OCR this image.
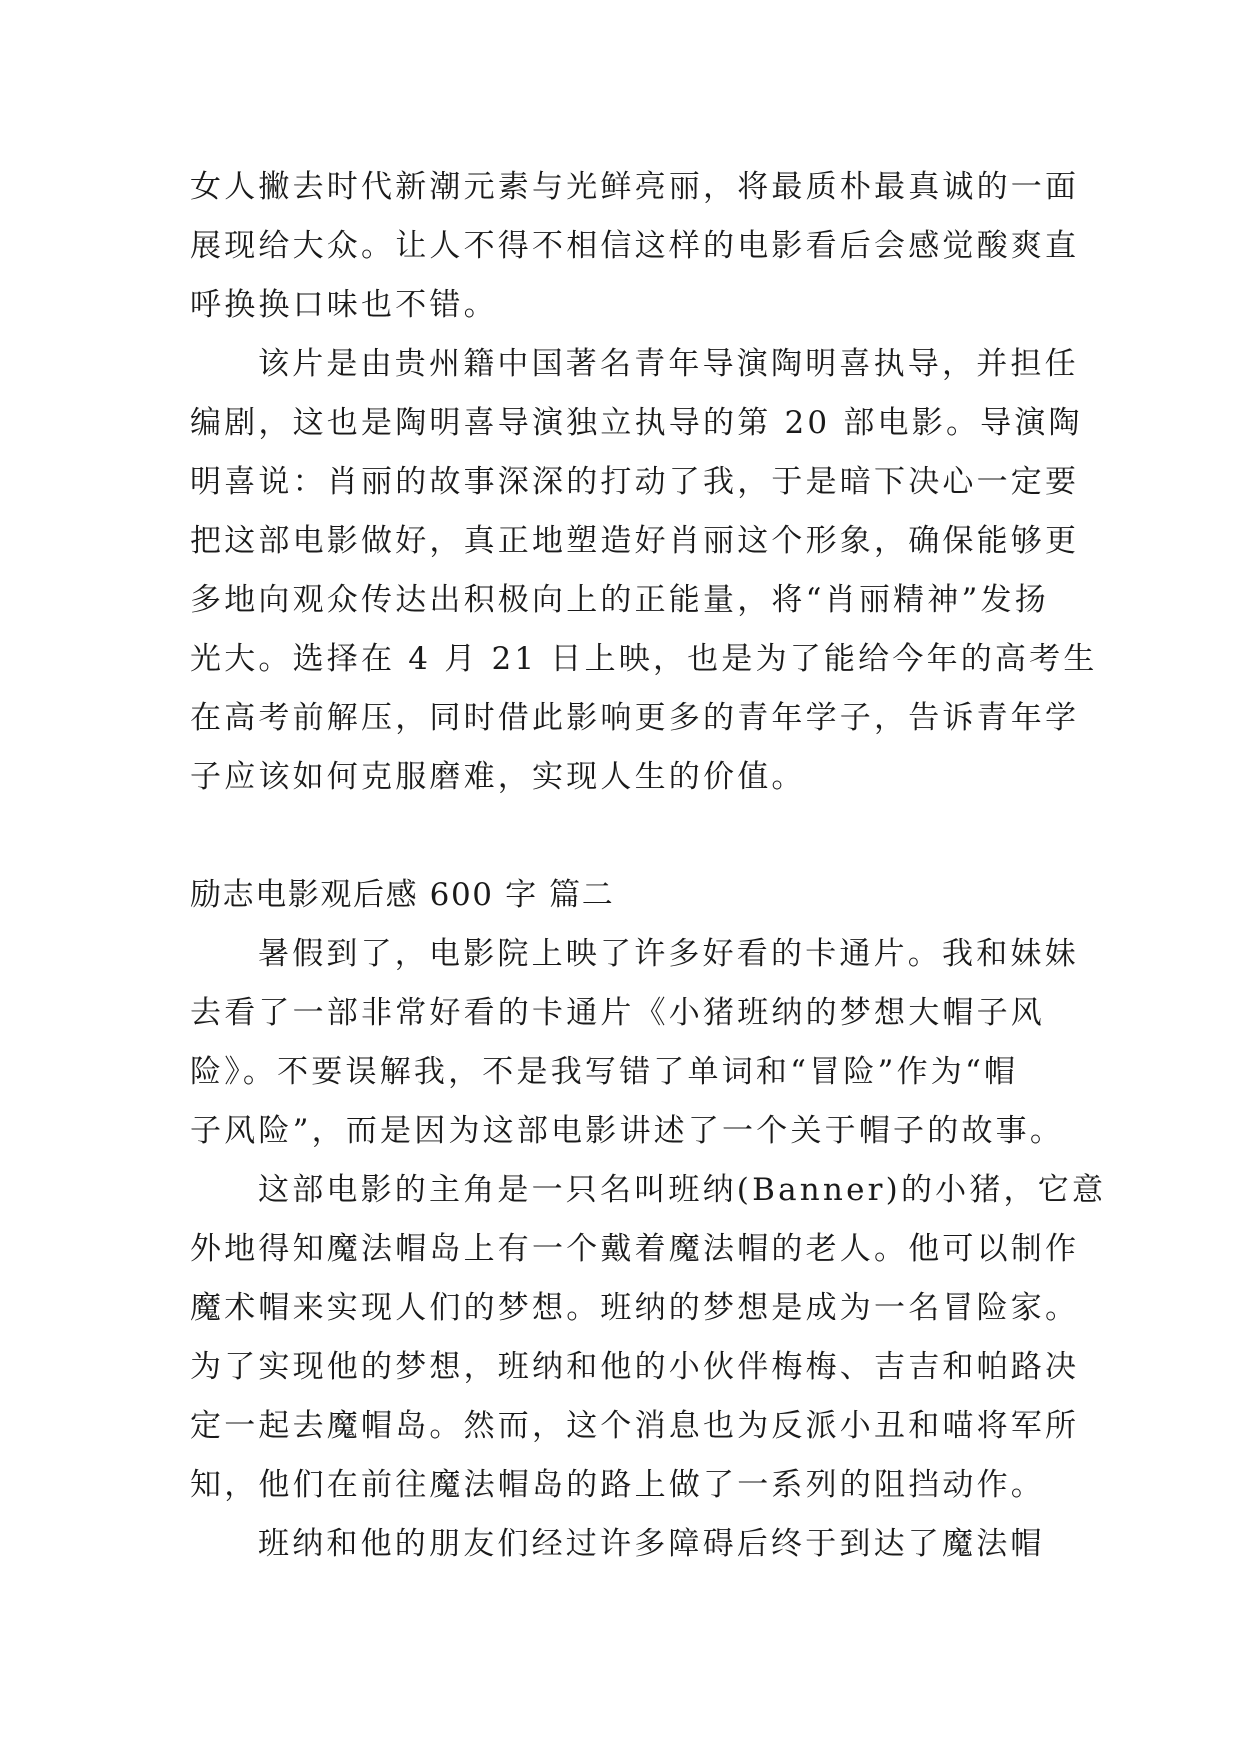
女人撇去时代新潮元素与光鲜亮丽，将最质朴最真诚的一面
展现给大众。让人不得不相信这样的电影看后会感觉酸爽直
呼换换口味也不错。
该片是由贵州籍中国著名青年导演陶明喜执导，并担任
编剧，这也是陶明喜导演独立执导的第 20 部电影。导演陶
明喜说：肖丽的故事深深的打动了我，于是暗下决心一定要
把这部电影做好，真正地塑造好肖丽这个形象，确保能够更
多地向观众传达出积极向上的正能量，将“肖丽精神”发扬
光大。选择在 4 月 21 日上映，也是为了能给今年的高考生
在高考前解压，同时借此影响更多的青年学子，告诉青年学
子应该如何克服磨难，实现人生的价值。
励志电影观后感 600 字 篇二
暑假到了，电影院上映了许多好看的卡通片。我和妹妹
去看了一部非常好看的卡通片《小猪班纳的梦想大帽子风
险》。不要误解我，不是我写错了单词和“冒险”作为“帽
子风险”，而是因为这部电影讲述了一个关于帽子的故事。
这部电影的主角是一只名叫班纳(Banner)的小猪，它意
外地得知魔法帽岛上有一个戴着魔法帽的老人。他可以制作
魔术帽来实现人们的梦想。班纳的梦想是成为一名冒险家。
为了实现他的梦想，班纳和他的小伙伴梅梅、吉吉和帕路决
定一起去魔帽岛。然而，这个消息也为反派小丑和喵将军所
知，他们在前往魔法帽岛的路上做了一系列的阻挡动作。
班纳和他的朋友们经过许多障碍后终于到达了魔法帽
